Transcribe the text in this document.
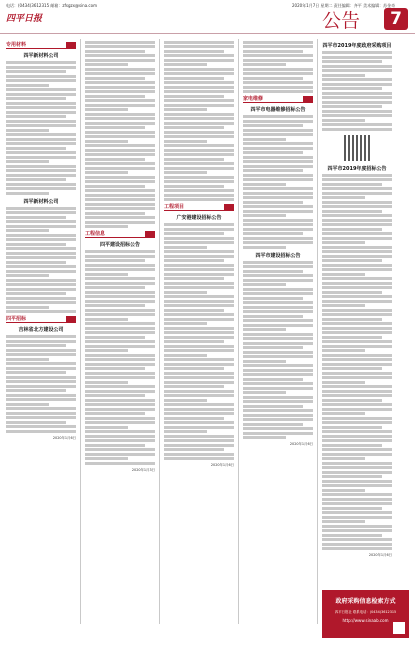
电话：(0434)3612315 邮箱：zfsgzx@sina.com	2020年1月7日 星期二 责任编辑：齐平 美术编辑：苏金奇
四平日报	公告	7
专用材料
四平新材料公司
四平新材料公司
四平招标
吉林省北方建设公司
2020年1月6日
工程信息
四平建设招标公告
2020年1月3日
工程项目
广安港建设招标公告
2020年1月6日
家电维修
四平市电器维修招标公告
四平市建设招标公告
2020年1月6日
四平市2019年度政府采购项目
四平市2019年度招标公告
2020年1月6日
政府采购信息检索方式
四平日报社 联系电话：(0434)3612315
http://www.sinaab.com
